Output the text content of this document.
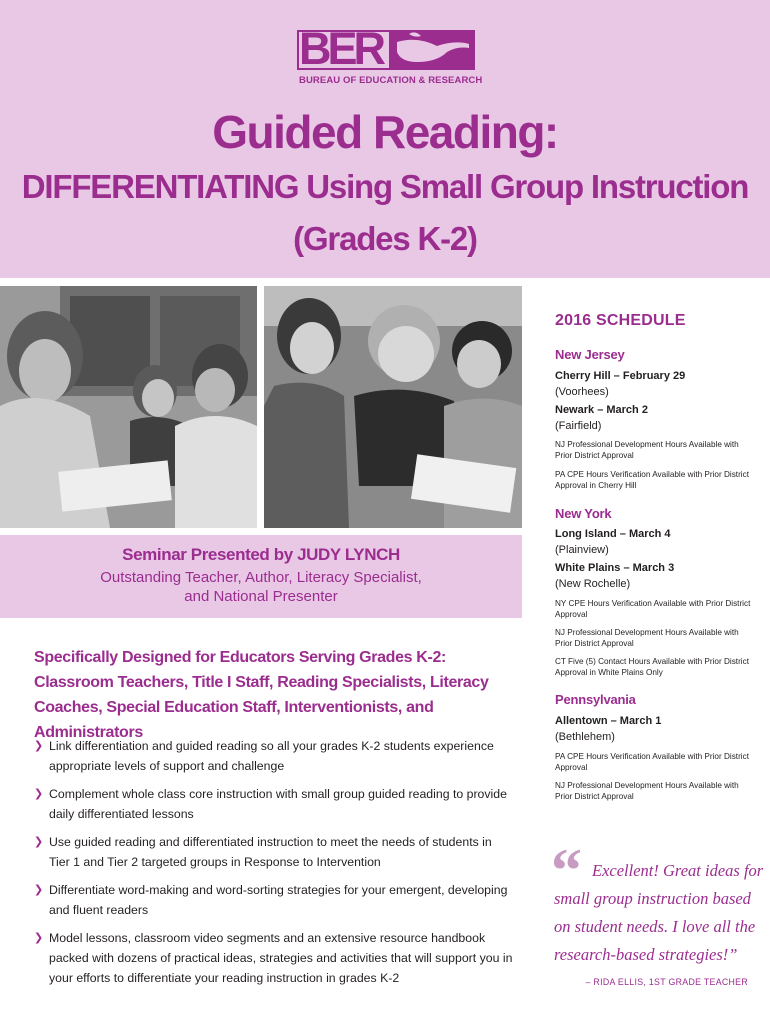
BER
BUREAU OF EDUCATION & RESEARCH
Guided Reading:
DIFFERENTIATING Using Small Group Instruction
(Grades K-2)
Seminar Presented by JUDY LYNCH
Outstanding Teacher, Author, Literacy Specialist,
and National Presenter
Specifically Designed for Educators Serving Grades K-2: Classroom Teachers, Title I Staff, Reading Specialists, Literacy Coaches, Special Education Staff, Interventionists, and Administrators
❯ Link differentiation and guided reading so all your grades K-2 students experience appropriate levels of support and challenge
❯ Complement whole class core instruction with small group guided reading to provide daily differentiated lessons
❯ Use guided reading and differentiated instruction to meet the needs of students in Tier 1 and Tier 2 targeted groups in Response to Intervention
❯ Differentiate word-making and word-sorting strategies for your emergent, developing and fluent readers
❯ Model lessons, classroom video segments and an extensive resource handbook packed with dozens of practical ideas, strategies and activities that will support you in your efforts to differentiate your reading instruction in grades K-2
2016 SCHEDULE
New Jersey
Cherry Hill – February 29
(Voorhees)
Newark – March 2
(Fairfield)
NJ Professional Development Hours Available with Prior District Approval
PA CPE Hours Verification Available with Prior District Approval in Cherry Hill
New York
Long Island – March 4
(Plainview)
White Plains – March 3
(New Rochelle)
NY CPE Hours Verification Available with Prior District Approval
NJ Professional Development Hours Available with Prior District Approval
CT Five (5) Contact Hours Available with Prior District Approval in White Plains Only
Pennsylvania
Allentown – March 1
(Bethlehem)
PA CPE Hours Verification Available with Prior District Approval
NJ Professional Development Hours Available with Prior District Approval
“ Excellent! Great ideas for small group instruction based on student needs. I love all the research-based strategies!”
– RIDA ELLIS, 1ST GRADE TEACHER
